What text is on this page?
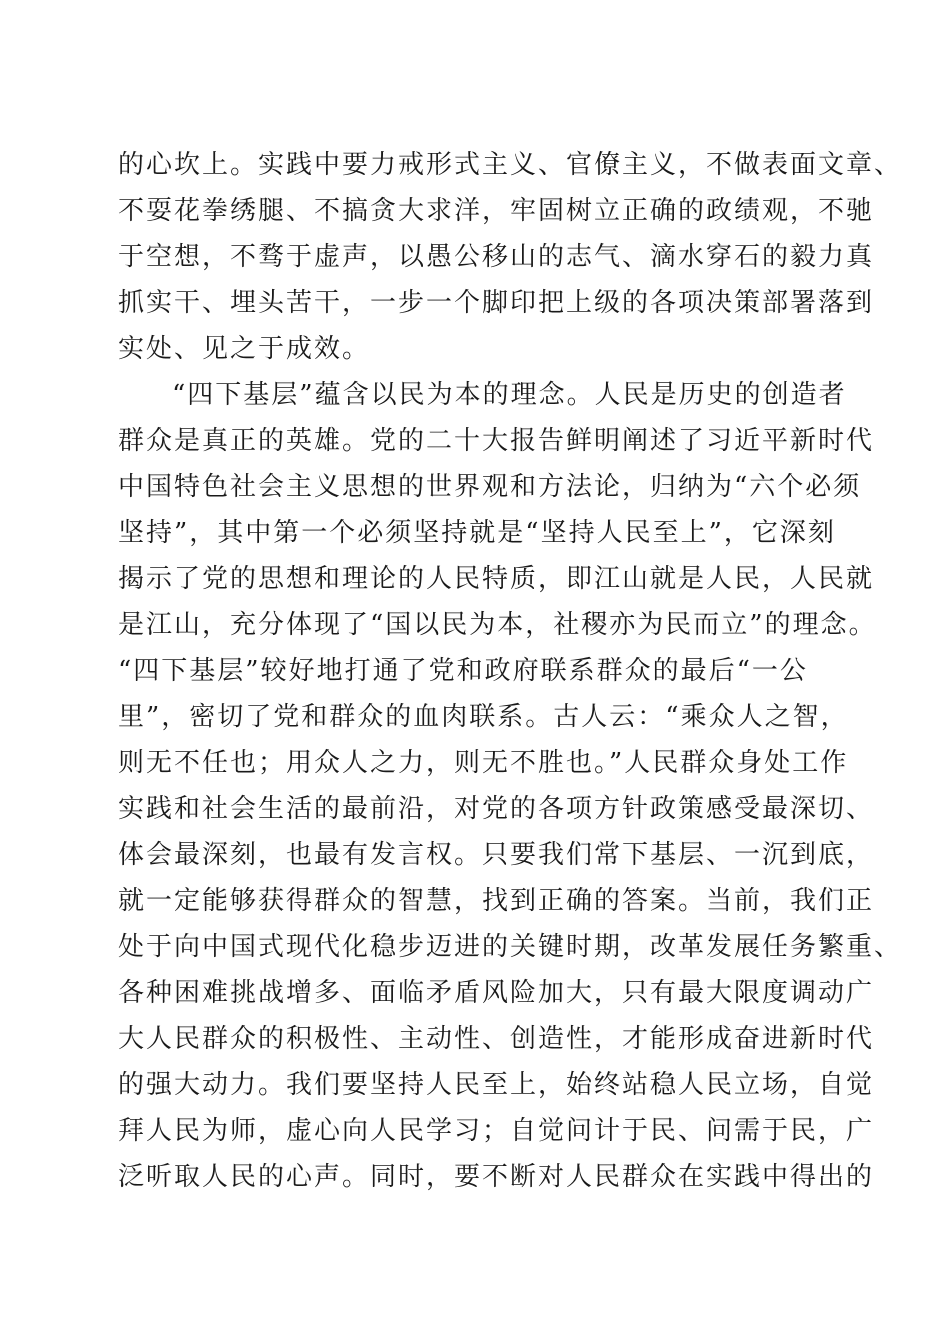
的心坎上。实践中要力戒形式主义、官僚主义，不做表面文章、
不耍花拳绣腿、不搞贪大求洋，牢固树立正确的政绩观，不驰
于空想，不骛于虚声，以愚公移山的志气、滴水穿石的毅力真
抓实干、埋头苦干，一步一个脚印把上级的各项决策部署落到
实处、见之于成效。
“四下基层”蕴含以民为本的理念。人民是历史的创造者
群众是真正的英雄。党的二十大报告鲜明阐述了习近平新时代
中国特色社会主义思想的世界观和方法论，归纳为“六个必须
坚持”，其中第一个必须坚持就是“坚持人民至上”，它深刻
揭示了党的思想和理论的人民特质，即江山就是人民，人民就
是江山，充分体现了“国以民为本，社稷亦为民而立”的理念。
“四下基层”较好地打通了党和政府联系群众的最后“一公
里”，密切了党和群众的血肉联系。古人云：“乘众人之智，
则无不任也；用众人之力，则无不胜也。”人民群众身处工作
实践和社会生活的最前沿，对党的各项方针政策感受最深切、
体会最深刻，也最有发言权。只要我们常下基层、一沉到底，
就一定能够获得群众的智慧，找到正确的答案。当前，我们正
处于向中国式现代化稳步迈进的关键时期，改革发展任务繁重、
各种困难挑战增多、面临矛盾风险加大，只有最大限度调动广
大人民群众的积极性、主动性、创造性，才能形成奋进新时代
的强大动力。我们要坚持人民至上，始终站稳人民立场，自觉
拜人民为师，虚心向人民学习；自觉问计于民、问需于民，广
泛听取人民的心声。同时，要不断对人民群众在实践中得出的
